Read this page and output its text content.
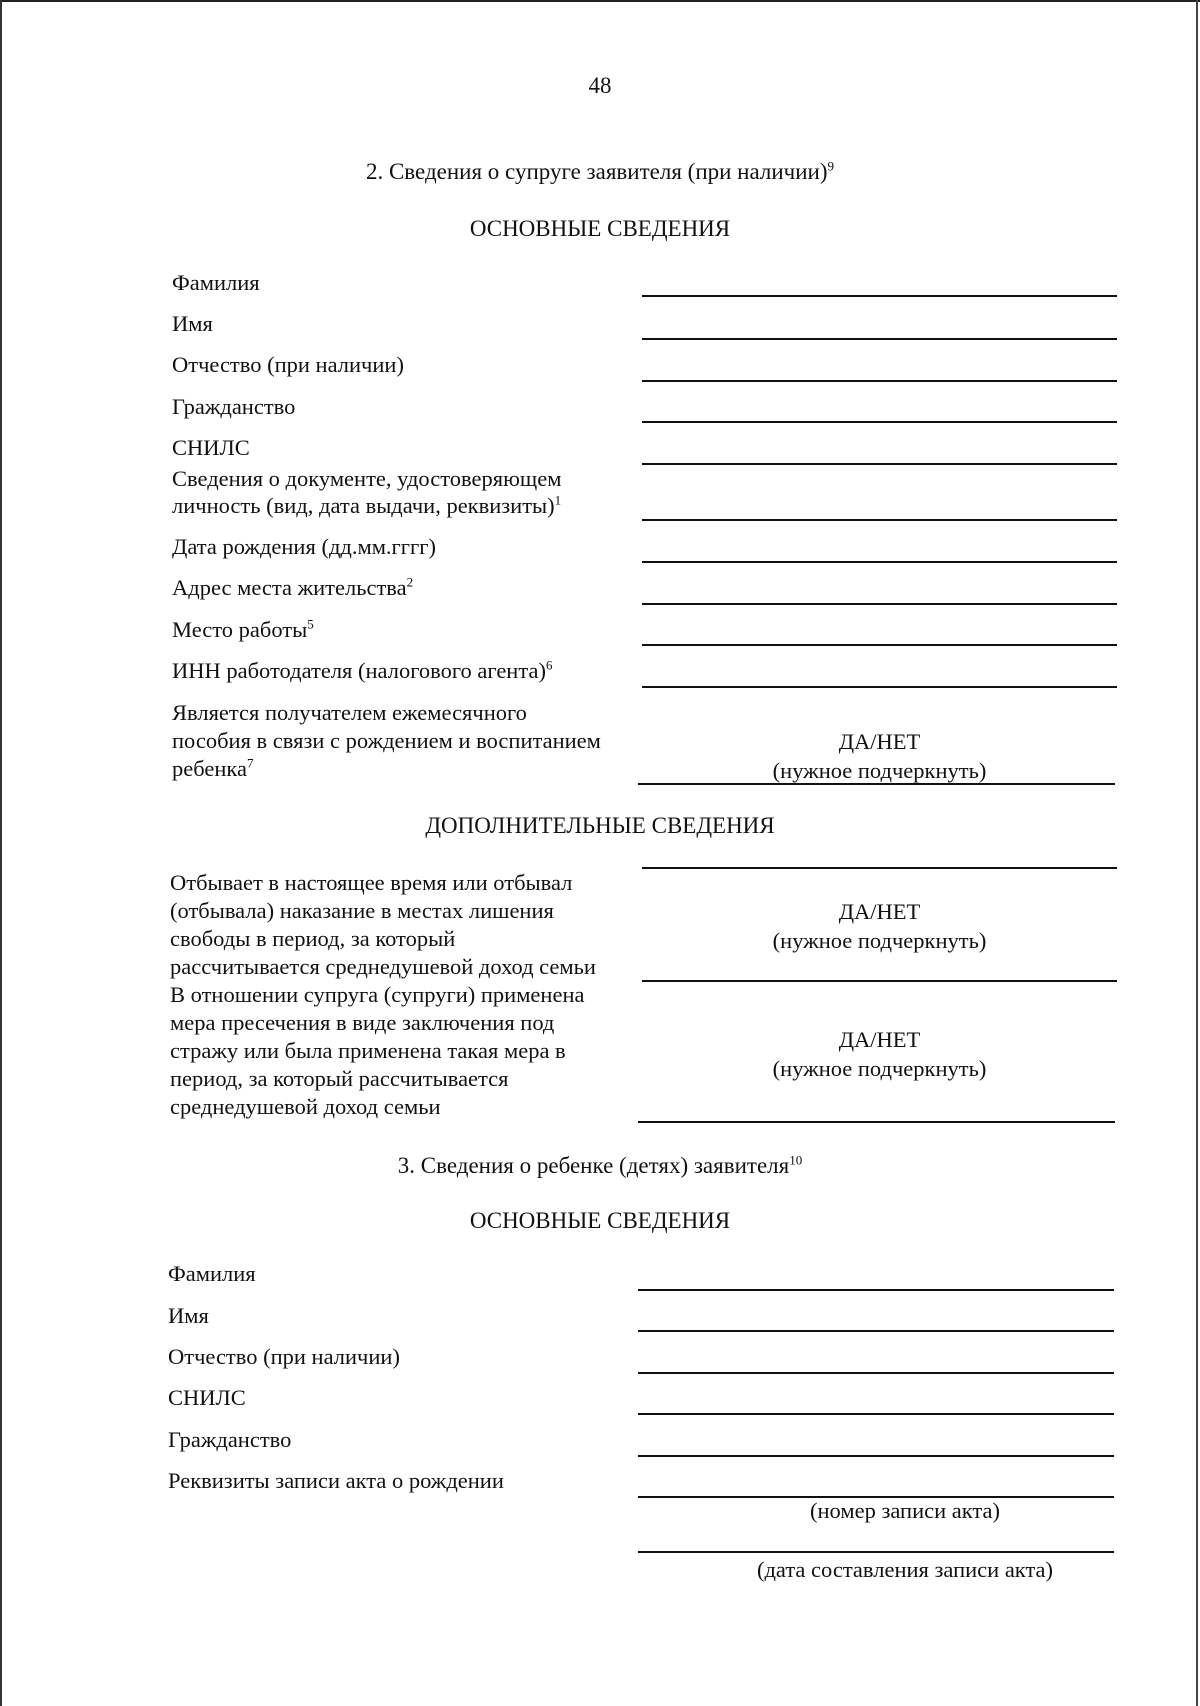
48
2. Сведения о супруге заявителя (при наличии)$^9$
ОСНОВНЫЕ СВЕДЕНИЯ
Фамилия
Имя
Отчество (при наличии)
Гражданство
СНИЛС
Сведения о документе, удостоверяющем
личность (вид, дата выдачи, реквизиты)$^1$
Дата рождения (дд.мм.гггг)
Адрес места жительства$^2$
Место работы$^5$
ИНН работодателя (налогового агента)$^6$
Является получателем ежемесячного
пособия в связи с рождением и воспитанием
ребенка$^7$
ДА/НЕТ
(нужное подчеркнуть)
ДОПОЛНИТЕЛЬНЫЕ СВЕДЕНИЯ
Отбывает в настоящее время или отбывал
(отбывала) наказание в местах лишения
свободы в период, за который
рассчитывается среднедушевой доход семьи
ДА/НЕТ
(нужное подчеркнуть)
В отношении супруга (супруги) применена
мера пресечения в виде заключения под
стражу или была применена такая мера в
период, за который рассчитывается
среднедушевой доход семьи
ДА/НЕТ
(нужное подчеркнуть)
3. Сведения о ребенке (детях) заявителя$^{10}$
ОСНОВНЫЕ СВЕДЕНИЯ
Фамилия
Имя
Отчество (при наличии)
СНИЛС
Гражданство
Реквизиты записи акта о рождении
(номер записи акта)
(дата составления записи акта)
